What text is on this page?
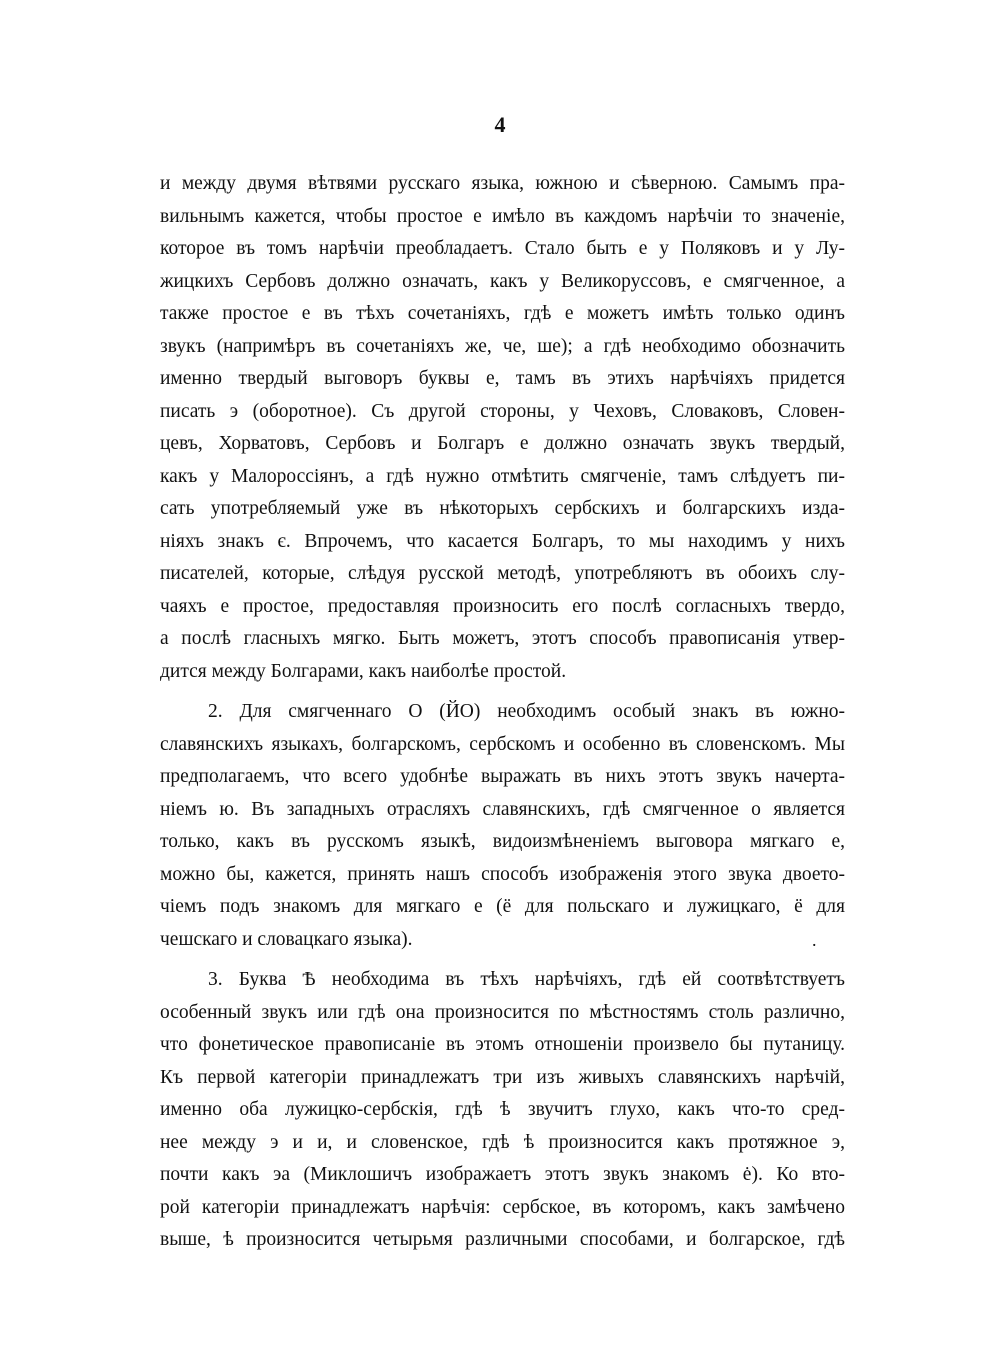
4
и между двумя вѣтвями русскаго языка, южною и сѣверною. Самымъ пра-
вильнымъ кажется, чтобы простое е имѣло въ каждомъ нарѣчіи то значеніе,
которое въ томъ нарѣчіи преобладаетъ. Стало быть е у Поляковъ и у Лу-
жицкихъ Сербовъ должно означать, какъ у Великоруссовъ, е смягченное, а
также простое е въ тѣхъ сочетаніяхъ, гдѣ е можетъ имѣть только одинъ
звукъ (напримѣръ въ сочетаніяхъ же, че, ше); а гдѣ необходимо обозначить
именно твердый выговоръ буквы е, тамъ въ этихъ нарѣчіяхъ придется
писать э (оборотное). Съ другой стороны, у Чеховъ, Словаковъ, Словен-
цевъ, Хорватовъ, Сербовъ и Болгаръ е должно означать звукъ твердый,
какъ у Малороссіянъ, а гдѣ нужно отмѣтить смягченіе, тамъ слѣдуетъ пи-
сать употребляемый уже въ нѣкоторыхъ сербскихъ и болгарскихъ изда-
ніяхъ знакъ є. Впрочемъ, что касается Болгаръ, то мы находимъ у нихъ
писателей, которые, слѣдуя русской методѣ, употребляютъ въ обоихъ слу-
чаяхъ е простое, предоставляя произносить его послѣ согласныхъ твердо,
а послѣ гласныхъ мягко. Быть можетъ, этотъ способъ правописанія утвер-
дится между Болгарами, какъ наиболѣе простой.
2. Для смягченнаго О (ЙО) необходимъ особый знакъ въ южно-
славянскихъ языкахъ, болгарскомъ, сербскомъ и особенно въ словенскомъ. Мы
предполагаемъ, что всего удобнѣе выражать въ нихъ этотъ звукъ начерта-
ніемъ ю. Въ западныхъ отрасляхъ славянскихъ, гдѣ смягченное о является
только, какъ въ русскомъ языкѣ, видоизмѣненіемъ выговора мягкаго е,
можно бы, кажется, принять нашъ способъ изображенія этого звука двоето-
чіемъ подъ знакомъ для мягкаго е (ё для польскаго и лужицкаго, ё для
чешскаго и словацкаго языка).
3. Буква Ѣ необходима въ тѣхъ нарѣчіяхъ, гдѣ ей соотвѣтствуетъ
особенный звукъ или гдѣ она произносится по мѣстностямъ столь различно,
что фонетическое правописаніе въ этомъ отношеніи произвело бы путаницу.
Къ первой категоріи принадлежатъ три изъ живыхъ славянскихъ нарѣчій,
именно оба лужицко-сербскія, гдѣ ѣ звучитъ глухо, какъ что-то сред-
нее между э и и, и словенское, гдѣ ѣ произносится какъ протяжное э,
почти какъ эа (Миклошичъ изображаетъ этотъ звукъ знакомъ ė). Ко вто-
рой категоріи принадлежатъ нарѣчія: сербское, въ которомъ, какъ замѣчено
выше, ѣ произносится четырьмя различными способами, и болгарское, гдѣ
.
